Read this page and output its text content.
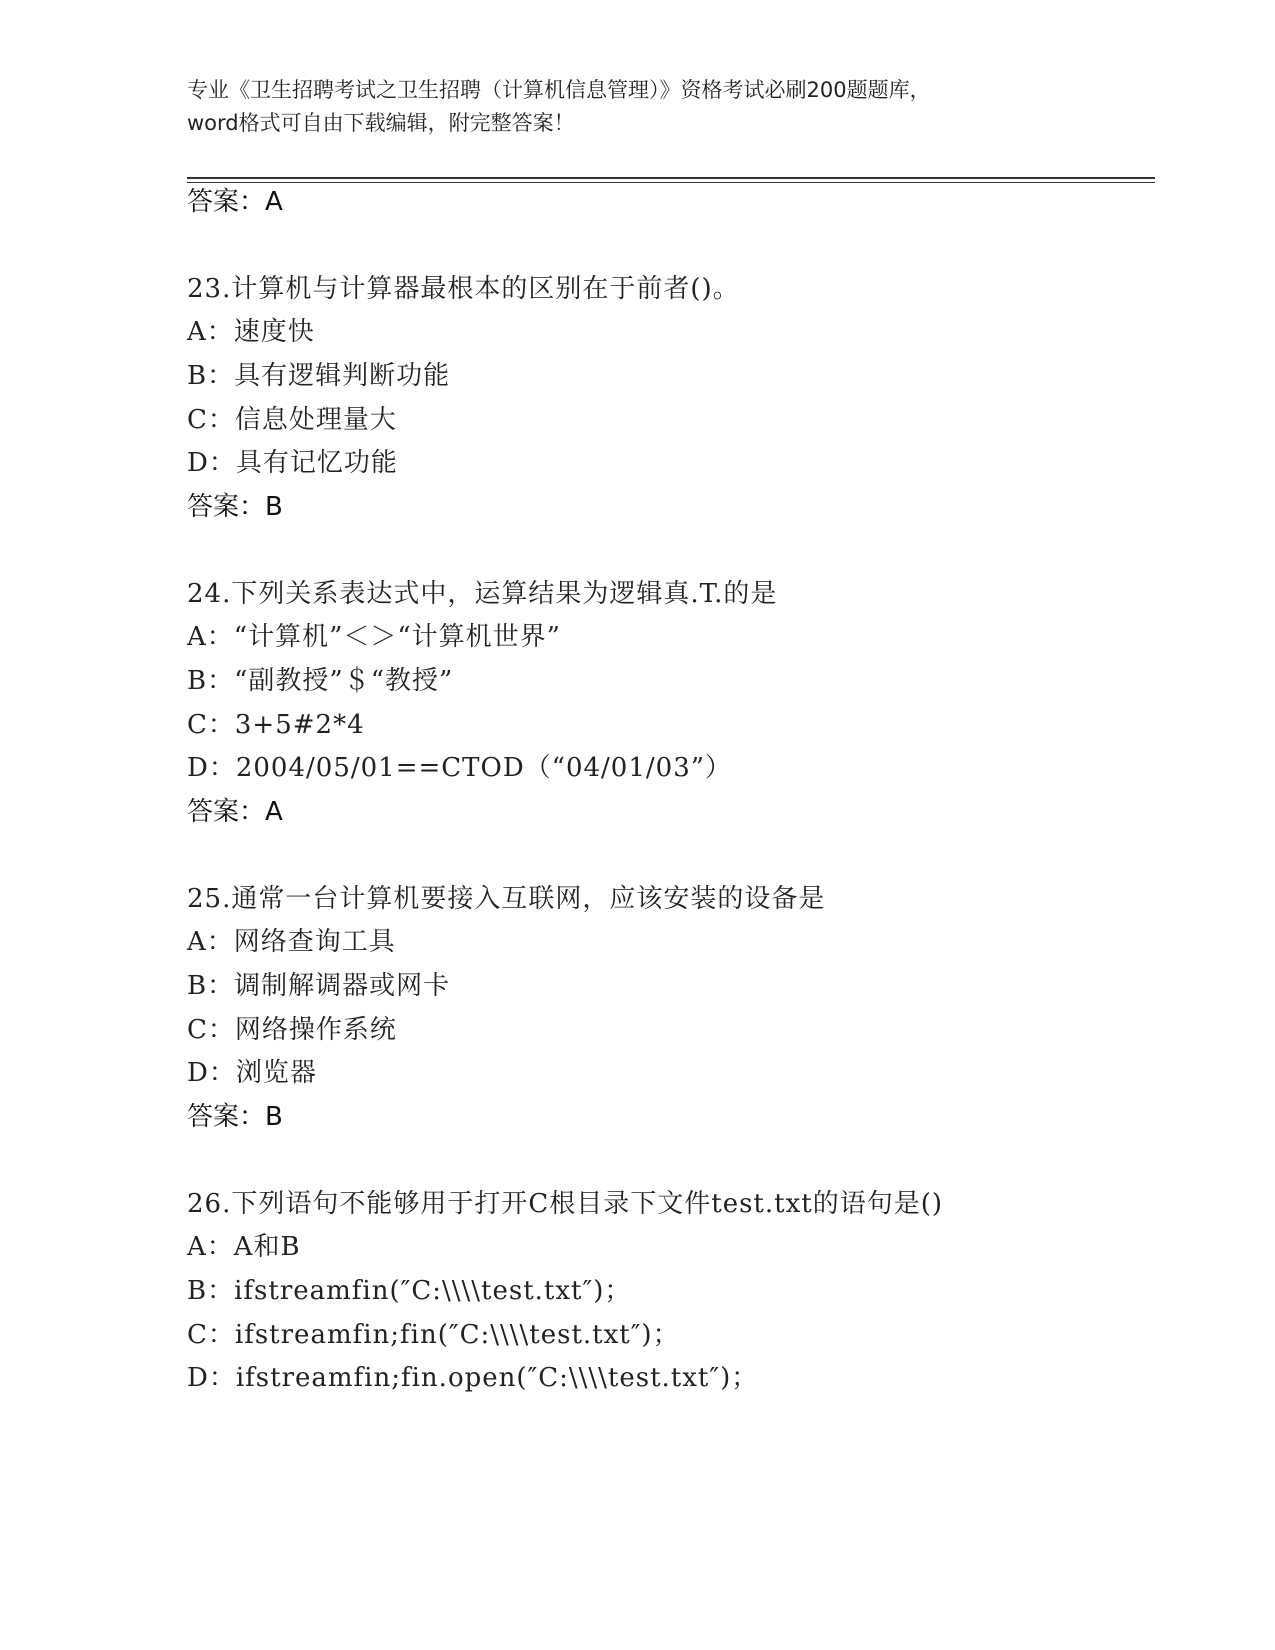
专业《卫生招聘考试之卫生招聘（计算机信息管理）》资格考试必刷200题题库，
word格式可自由下载编辑，附完整答案！
答案：A
23.计算机与计算器最根本的区别在于前者()。
A：速度快
B：具有逻辑判断功能
C：信息处理量大
D：具有记忆功能
答案：B
24.下列关系表达式中，运算结果为逻辑真.T.的是
A：“计算机”＜＞“计算机世界”
B：“副教授”＄“教授”
C：3+5#2*4
D：2004/05/01==CTOD（“04/01/03”）
答案：A
25.通常一台计算机要接入互联网，应该安装的设备是
A：网络查询工具
B：调制解调器或网卡
C：网络操作系统
D：浏览器
答案：B
26.下列语句不能够用于打开C根目录下文件test.txt的语句是()
A：A和B
B：ifstreamfin(″C:\\\\test.txt″)；
C：ifstreamfin;fin(″C:\\\\test.txt″)；
D：ifstreamfin;fin.open(″C:\\\\test.txt″)；
